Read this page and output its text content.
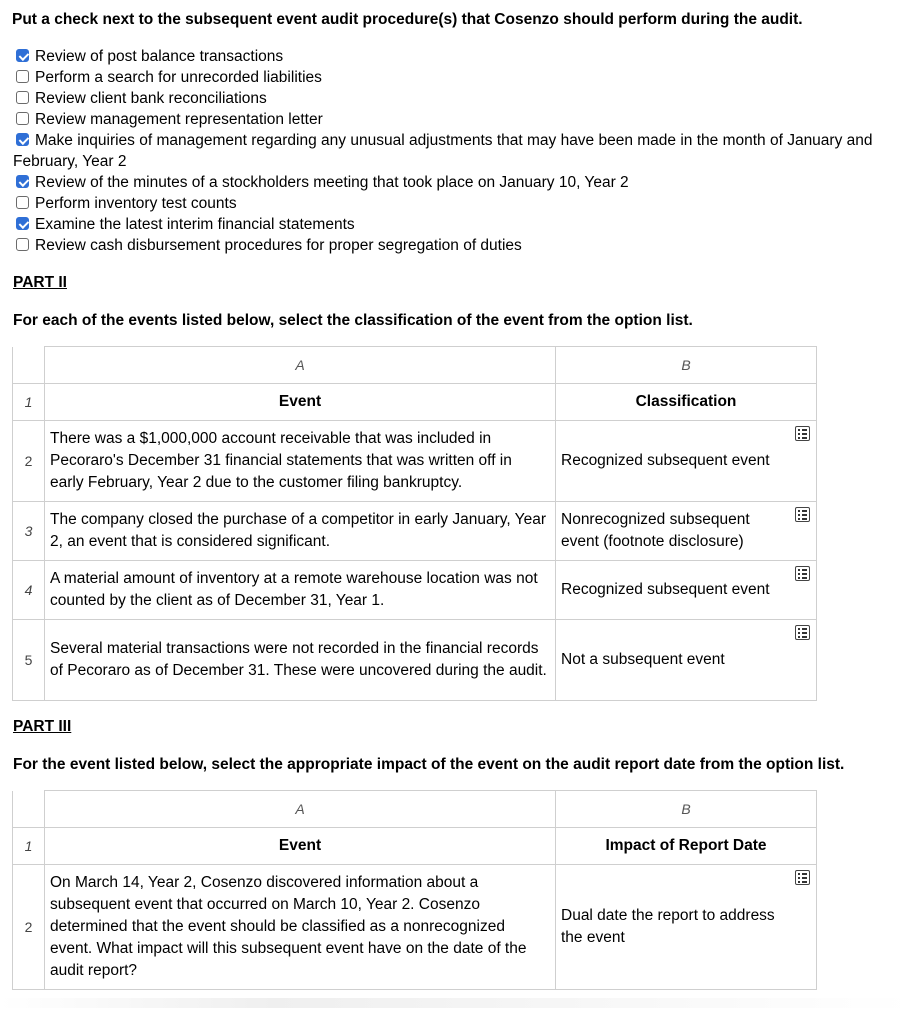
Put a check next to the subsequent event audit procedure(s) that Cosenzo should perform during the audit.
Review of post balance transactions
Perform a search for unrecorded liabilities
Review client bank reconciliations
Review management representation letter
Make inquiries of management regarding any unusual adjustments that may have been made in the month of January and February, Year 2
Review of the minutes of a stockholders meeting that took place on January 10, Year 2
Perform inventory test counts
Examine the latest interim financial statements
Review cash disbursement procedures for proper segregation of duties
PART II
For each of the events listed below, select the classification of the event from the option list.
	A	B
1	Event	Classification
2	There was a $1,000,000 account receivable that was included in Pecoraro's December 31 financial statements that was written off in early February, Year 2 due to the customer filing bankruptcy.	Recognized subsequent event

3	The company closed the purchase of a competitor in early January, Year 2, an event that is considered significant.	Nonrecognized subsequent event (footnote disclosure)

4	A material amount of inventory at a remote warehouse location was not counted by the client as of December 31, Year 1.	Recognized subsequent event

5	Several material transactions were not recorded in the financial records of Pecoraro as of December 31. These were uncovered during the audit.	Not a subsequent event
PART III
For the event listed below, select the appropriate impact of the event on the audit report date from the option list.
	A	B
1	Event	Impact of Report Date
2	On March 14, Year 2, Cosenzo discovered information about a subsequent event that occurred on March 10, Year 2. Cosenzo determined that the event should be classified as a nonrecognized event. What impact will this subsequent event have on the date of the audit report?	Dual date the report to address the event
